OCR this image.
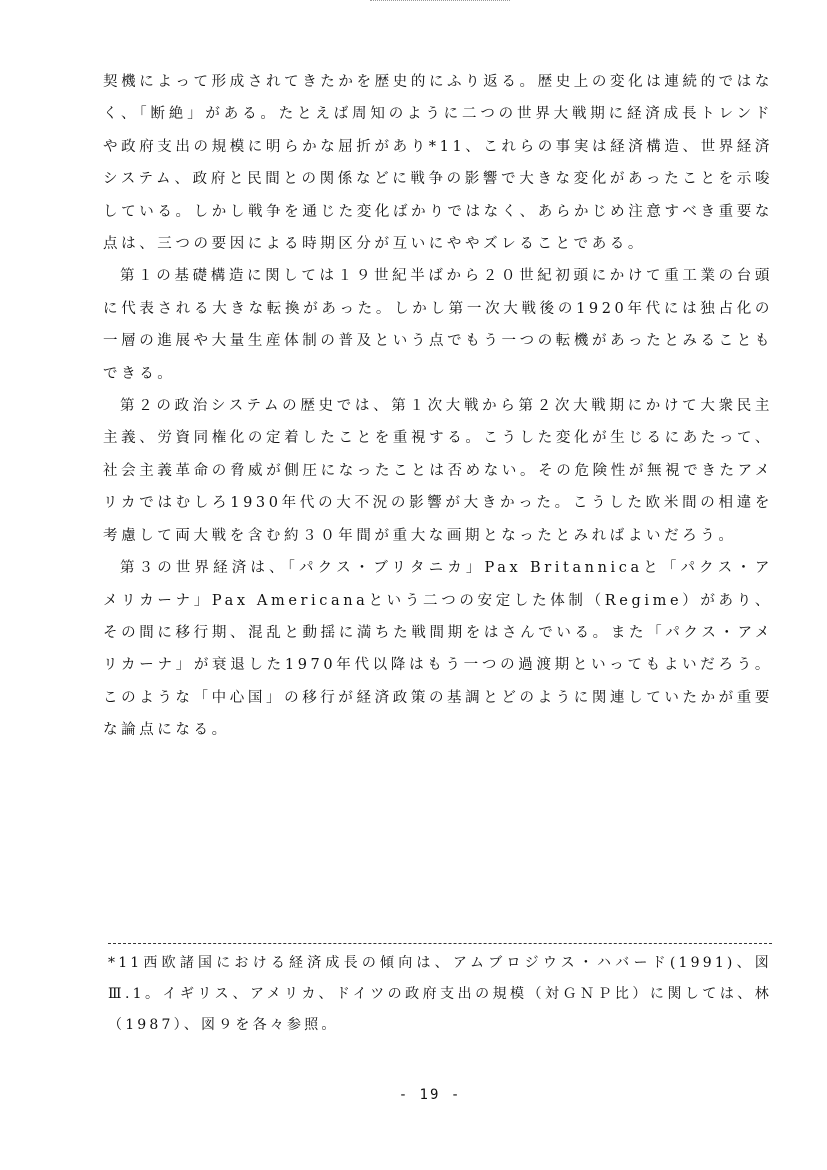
契機によって形成されてきたかを歴史的にふり返る。歴史上の変化は連続的ではなく、「断絶」がある。たとえば周知のように二つの世界大戦期に経済成長トレンドや政府支出の規模に明らかな屈折があり*11、これらの事実は経済構造、世界経済システム、政府と民間との関係などに戦争の影響で大きな変化があったことを示唆している。しかし戦争を通じた変化ばかりではなく、あらかじめ注意すべき重要な点は、三つの要因による時期区分が互いにややズレることである。

第１の基礎構造に関しては１９世紀半ばから２０世紀初頭にかけて重工業の台頭に代表される大きな転換があった。しかし第一次大戦後の1920年代には独占化の一層の進展や大量生産体制の普及という点でもう一つの転機があったとみることもできる。

第２の政治システムの歴史では、第１次大戦から第２次大戦期にかけて大衆民主主義、労資同権化の定着したことを重視する。こうした変化が生じるにあたって、社会主義革命の脅威が側圧になったことは否めない。その危険性が無視できたアメリカではむしろ1930年代の大不況の影響が大きかった。こうした欧米間の相違を考慮して両大戦を含む約３０年間が重大な画期となったとみればよいだろう。

第３の世界経済は、「パクス・ブリタニカ」Pax Britannicaと「パクス・アメリカーナ」Pax Americanaという二つの安定した体制（Regime）があり、その間に移行期、混乱と動揺に満ちた戦間期をはさんでいる。また「パクス・アメリカーナ」が衰退した1970年代以降はもう一つの過渡期といってもよいだろう。このような「中心国」の移行が経済政策の基調とどのように関連していたかが重要な論点になる。

*11西欧諸国における経済成長の傾向は、アムブロジウス・ハバード(1991)、図Ⅲ.1。イギリス、アメリカ、ドイツの政府支出の規模（対ＧＮＰ比）に関しては、林（1987）、図９を各々参照。

- 19 -
